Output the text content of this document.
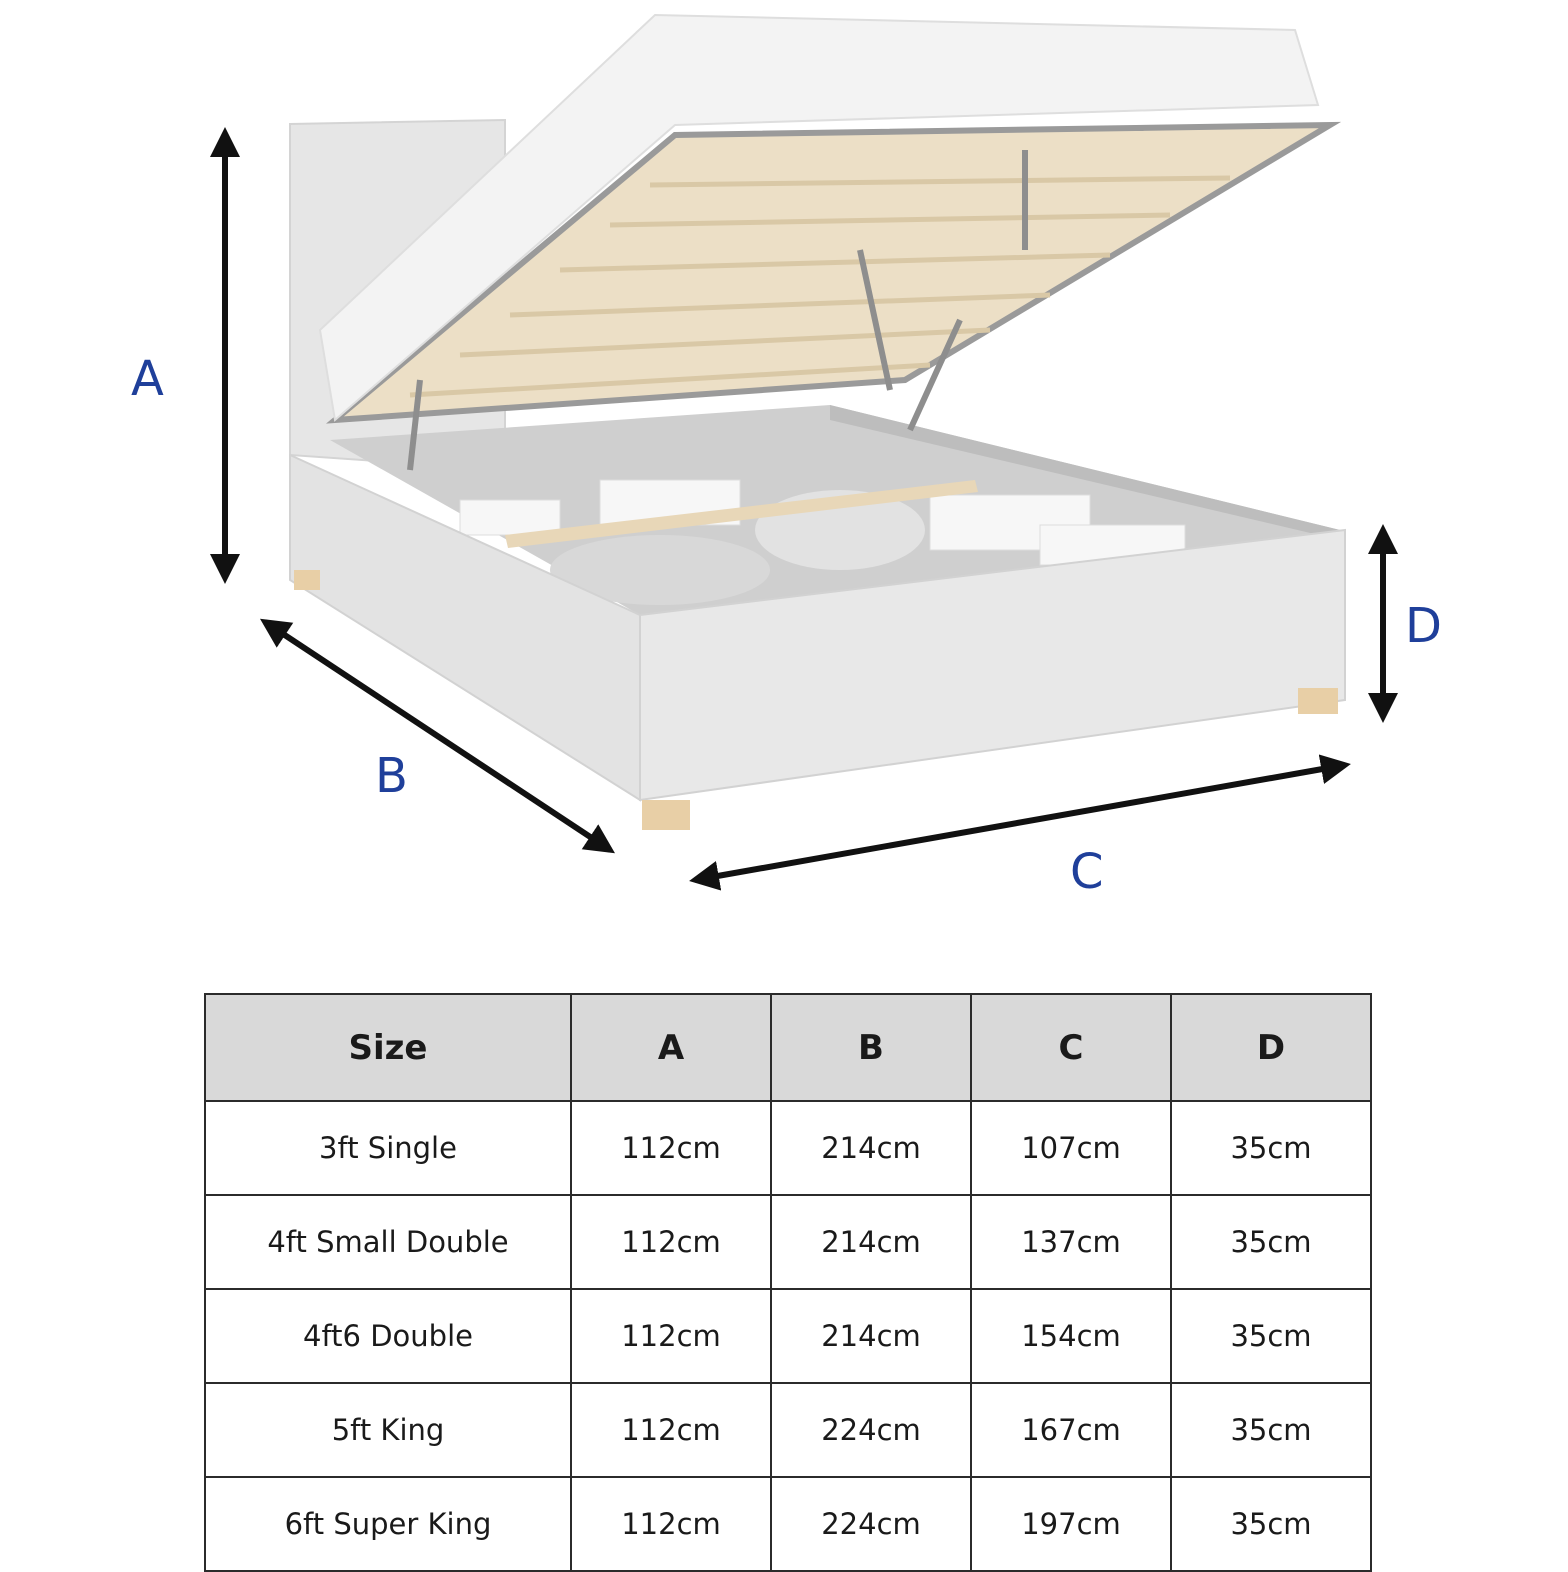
A
B
C
D
Size	A	B	C	D
3ft Single	112cm	214cm	107cm	35cm
4ft Small Double	112cm	214cm	137cm	35cm
4ft6 Double	112cm	214cm	154cm	35cm
5ft King	112cm	224cm	167cm	35cm
6ft Super King	112cm	224cm	197cm	35cm
